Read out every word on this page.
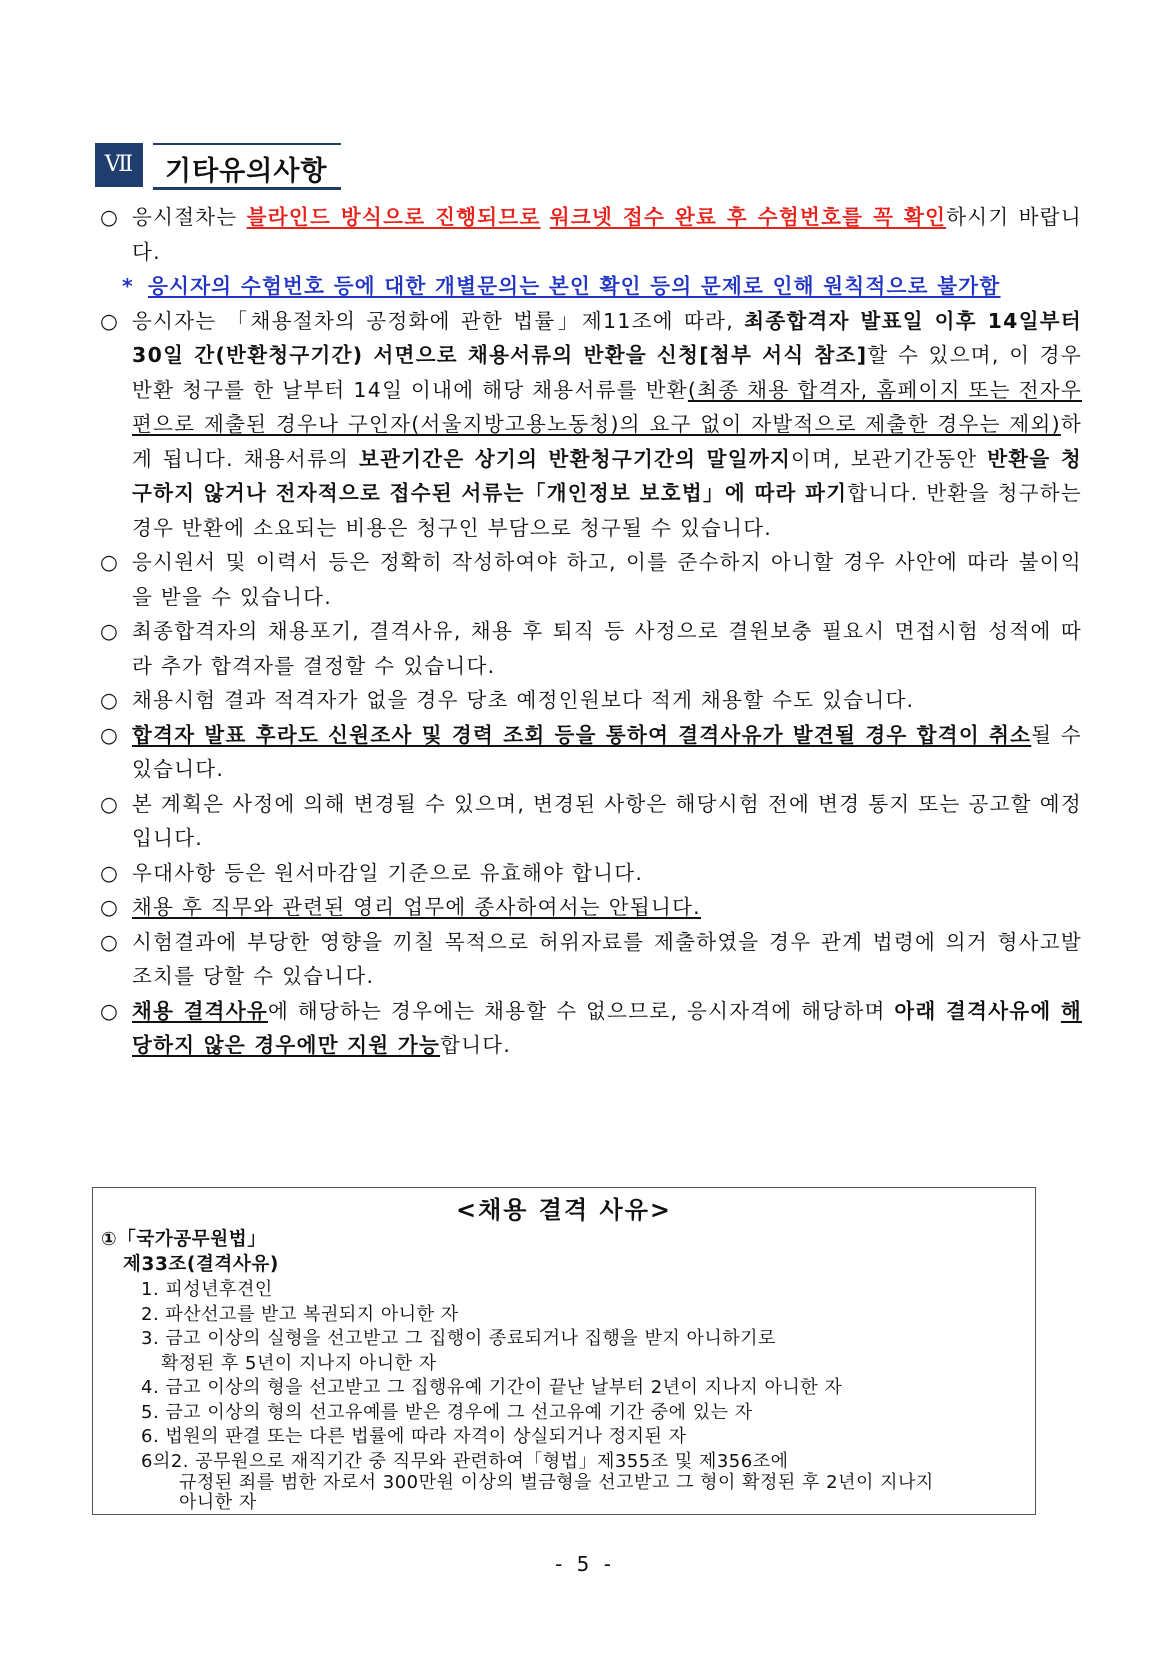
Ⅶ	기타유의사항
○ 응시절차는 블라인드 방식으로 진행되므로 워크넷 접수 완료 후 수험번호를 꼭 확인하시기 바랍니다.
* 응시자의 수험번호 등에 대한 개별문의는 본인 확인 등의 문제로 인해 원칙적으로 불가함
○ 응시자는 「채용절차의 공정화에 관한 법률」제11조에 따라, 최종합격자 발표일 이후 14일부터 30일 간(반환청구기간) 서면으로 채용서류의 반환을 신청[첨부 서식 참조]할 수 있으며, 이 경우 반환 청구를 한 날부터 14일 이내에 해당 채용서류를 반환(최종 채용 합격자, 홈페이지 또는 전자우편으로 제출된 경우나 구인자(서울지방고용노동청)의 요구 없이 자발적으로 제출한 경우는 제외)하게 됩니다. 채용서류의 보관기간은 상기의 반환청구기간의 말일까지이며, 보관기간동안 반환을 청구하지 않거나 전자적으로 접수된 서류는「개인정보 보호법」에 따라 파기합니다. 반환을 청구하는 경우 반환에 소요되는 비용은 청구인 부담으로 청구될 수 있습니다.
○ 응시원서 및 이력서 등은 정확히 작성하여야 하고, 이를 준수하지 아니할 경우 사안에 따라 불이익을 받을 수 있습니다.
○ 최종합격자의 채용포기, 결격사유, 채용 후 퇴직 등 사정으로 결원보충 필요시 면접시험 성적에 따라 추가 합격자를 결정할 수 있습니다.
○ 채용시험 결과 적격자가 없을 경우 당초 예정인원보다 적게 채용할 수도 있습니다.
○ 합격자 발표 후라도 신원조사 및 경력 조회 등을 통하여 결격사유가 발견될 경우 합격이 취소될 수 있습니다.
○ 본 계획은 사정에 의해 변경될 수 있으며, 변경된 사항은 해당시험 전에 변경 통지 또는 공고할 예정입니다.
○ 우대사항 등은 원서마감일 기준으로 유효해야 합니다.
○ 채용 후 직무와 관련된 영리 업무에 종사하여서는 안됩니다.
○ 시험결과에 부당한 영향을 끼칠 목적으로 허위자료를 제출하였을 경우 관계 법령에 의거 형사고발 조치를 당할 수 있습니다.
○ 채용 결격사유에 해당하는 경우에는 채용할 수 없으므로, 응시자격에 해당하며 아래 결격사유에 해당하지 않은 경우에만 지원 가능합니다.
<채용 결격 사유>
①「국가공무원법」
제33조(결격사유)
1. 피성년후견인
2. 파산선고를 받고 복권되지 아니한 자
3. 금고 이상의 실형을 선고받고 그 집행이 종료되거나 집행을 받지 아니하기로
확정된 후 5년이 지나지 아니한 자
4. 금고 이상의 형을 선고받고 그 집행유예 기간이 끝난 날부터 2년이 지나지 아니한 자
5. 금고 이상의 형의 선고유예를 받은 경우에 그 선고유예 기간 중에 있는 자
6. 법원의 판결 또는 다른 법률에 따라 자격이 상실되거나 정지된 자
6의2. 공무원으로 재직기간 중 직무와 관련하여「형법」제355조 및 제356조에
규정된 죄를 범한 자로서 300만원 이상의 벌금형을 선고받고 그 형이 확정된 후 2년이 지나지
아니한 자
- 5 -
